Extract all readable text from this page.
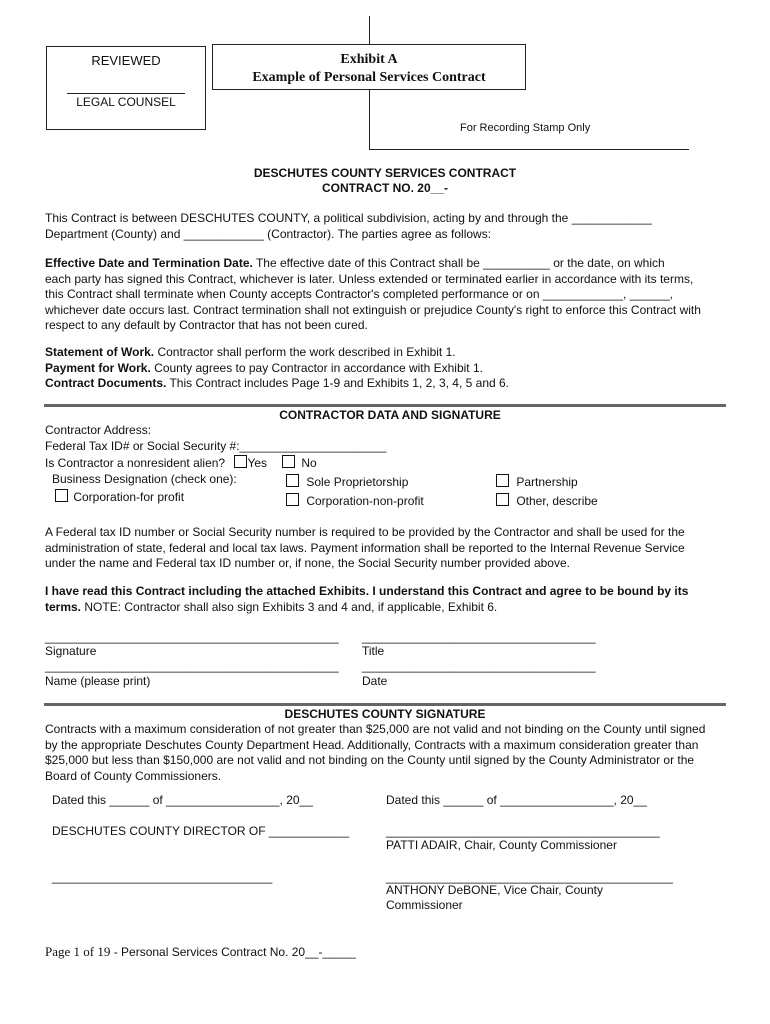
REVIEWED
LEGAL COUNSEL
Exhibit A
Example of Personal Services Contract
For Recording Stamp Only
DESCHUTES COUNTY SERVICES CONTRACT
CONTRACT NO. 20__-
This Contract is between DESCHUTES COUNTY, a political subdivision, acting by and through the ____________
Department (County) and ____________ (Contractor). The parties agree as follows:
Effective Date and Termination Date. The effective date of this Contract shall be __________ or the date, on which
each party has signed this Contract, whichever is later. Unless extended or terminated earlier in accordance with its terms,
this Contract shall terminate when County accepts Contractor's completed performance or on ____________, ______,
whichever date occurs last. Contract termination shall not extinguish or prejudice County's right to enforce this Contract with
respect to any default by Contractor that has not been cured.
Statement of Work. Contractor shall perform the work described in Exhibit 1.
Payment for Work. County agrees to pay Contractor in accordance with Exhibit 1.
Contract Documents. This Contract includes Page 1-9 and Exhibits 1, 2, 3, 4, 5 and 6.
CONTRACTOR DATA AND SIGNATURE
Contractor Address:
Federal Tax ID# or Social Security #:______________________
Is Contractor a nonresident alien? Yes	No
Business Designation (check one):	Sole Proprietorship	Partnership
Corporation-for profit	Corporation-non-profit	Other, describe
A Federal tax ID number or Social Security number is required to be provided by the Contractor and shall be used for the
administration of state, federal and local tax laws. Payment information shall be reported to the Internal Revenue Service
under the name and Federal tax ID number or, if none, the Social Security number provided above.
I have read this Contract including the attached Exhibits. I understand this Contract and agree to be bound by its
terms. NOTE: Contractor shall also sign Exhibits 3 and 4 and, if applicable, Exhibit 6.
____________________________________________ ___________________________________
Signature	Title
____________________________________________ ___________________________________
Name (please print)	Date
DESCHUTES COUNTY SIGNATURE
Contracts with a maximum consideration of not greater than $25,000 are not valid and not binding on the County until signed
by the appropriate Deschutes County Department Head. Additionally, Contracts with a maximum consideration greater than
$25,000 but less than $150,000 are not valid and not binding on the County until signed by the County Administrator or the
Board of County Commissioners.
Dated this ______ of _________________, 20__	Dated this ______ of _________________, 20__
DESCHUTES COUNTY DIRECTOR OF ____________	_________________________________________
PATTI ADAIR, Chair, County Commissioner
_________________________________	___________________________________________
ANTHONY DeBONE, Vice Chair, County
Commissioner
Page 1 of 19 - Personal Services Contract No. 20__-_____
